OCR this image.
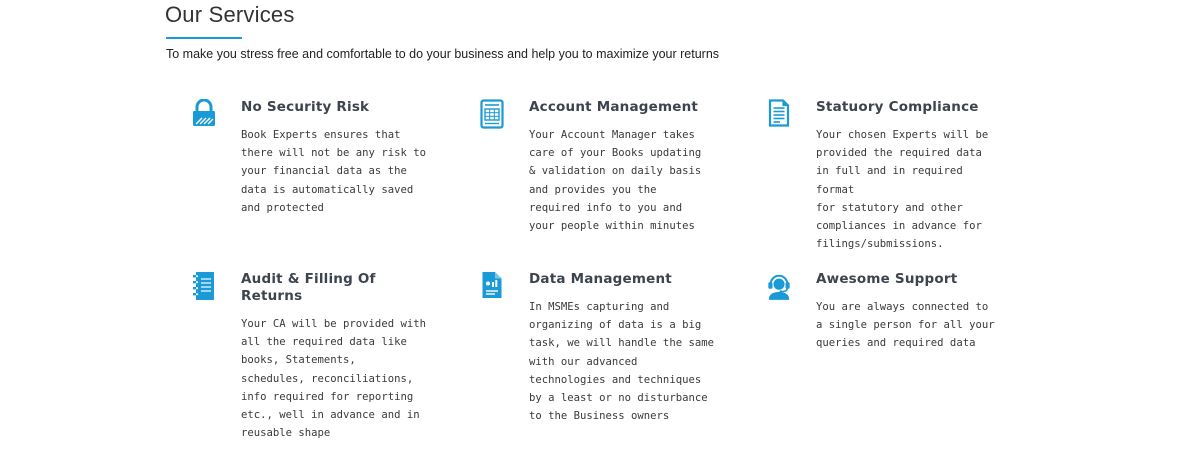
Our Services

To make you stress free and comfortable to do your business and help you to maximize your returns

No Security Risk

Book Experts ensures that
there will not be any risk to
your financial data as the
data is automatically saved
and protected

Account Management

Your Account Manager takes
care of your Books updating
& validation on daily basis
and provides you the
required info to you and
your people within minutes

Statuory Compliance

Your chosen Experts will be
provided the required data
in full and in required format
for statutory and other
compliances in advance for
filings/submissions.

Audit & Filling Of
Returns

Your CA will be provided with
all the required data like
books, Statements,
schedules, reconciliations,
info required for reporting
etc., well in advance and in
reusable shape

Data Management

In MSMEs capturing and
organizing of data is a big
task, we will handle the same
with our advanced
technologies and techniques
by a least or no disturbance
to the Business owners

Awesome Support

You are always connected to
a single person for all your
queries and required data
